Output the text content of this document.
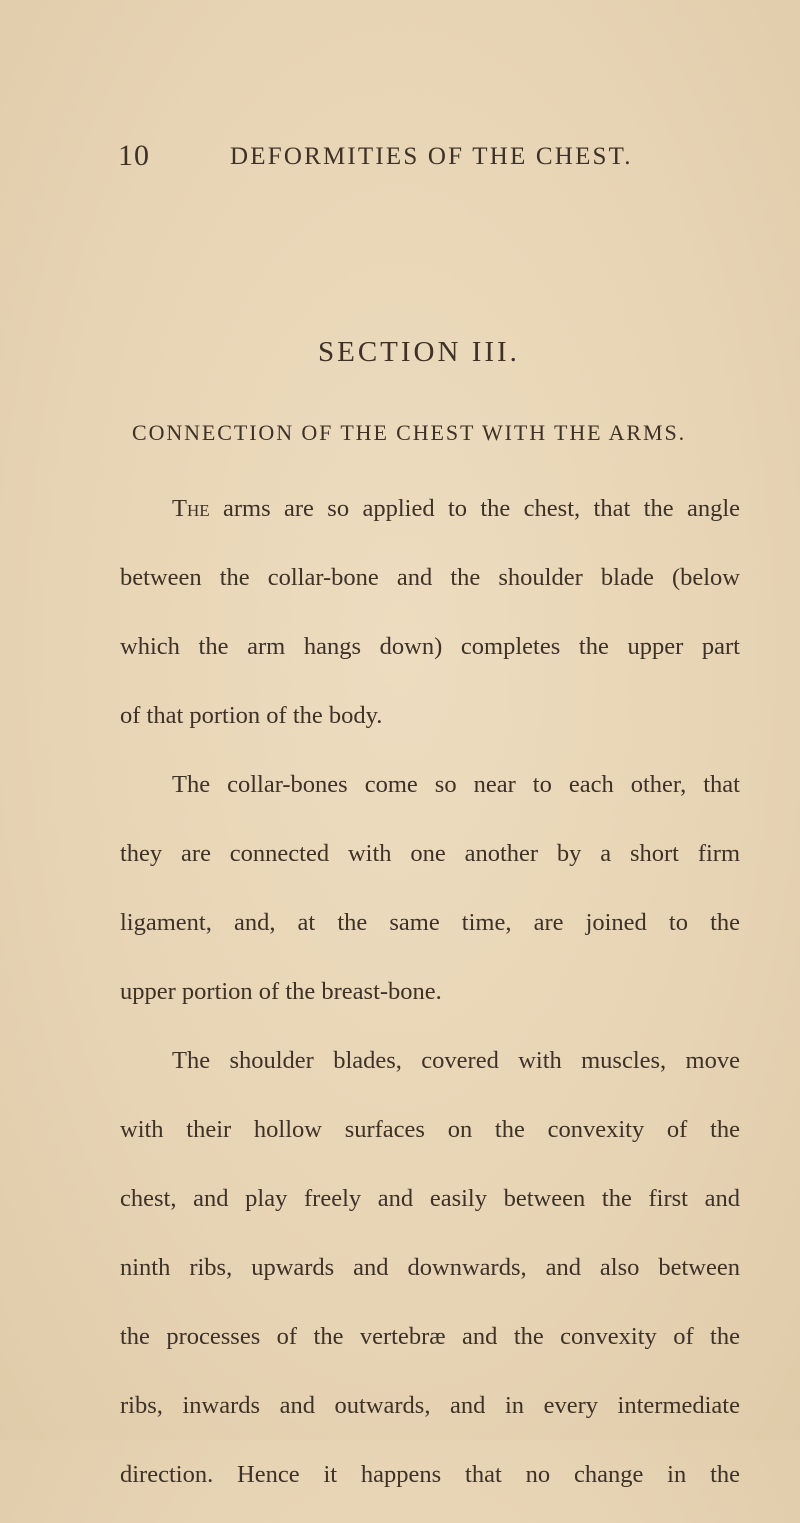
10	DEFORMITIES OF THE CHEST.
SECTION III.
CONNECTION OF THE CHEST WITH THE ARMS.
The arms are so applied to the chest, that the angle
between the collar-bone and the shoulder blade (below
which the arm hangs down) completes the upper part
of that portion of the body.
The collar-bones come so near to each other, that
they are connected with one another by a short firm
ligament, and, at the same time, are joined to the
upper portion of the breast-bone.
The shoulder blades, covered with muscles, move
with their hollow surfaces on the convexity of the
chest, and play freely and easily between the first and
ninth ribs, upwards and downwards, and also between
the processes of the vertebræ and the convexity of the
ribs, inwards and outwards, and in every intermediate
direction. Hence it happens that no change in the
